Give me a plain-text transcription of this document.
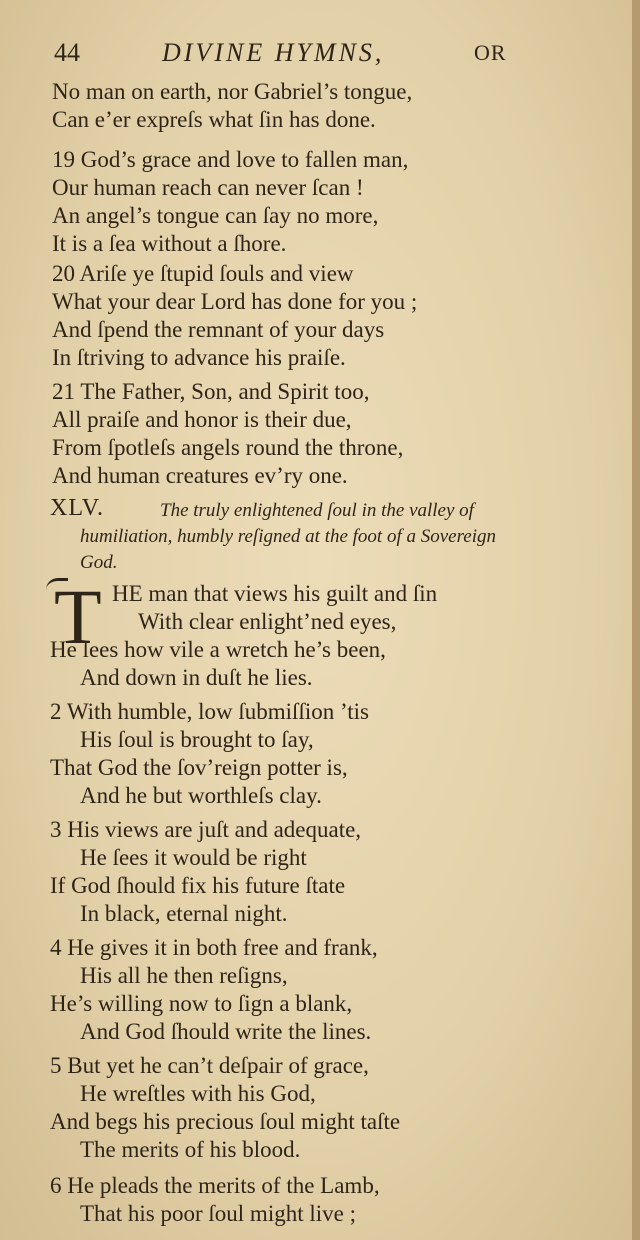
44	DIVINE HYMNS,	OR
No man on earth, nor Gabriel’s tongue,
Can e’er expreſs what ſin has done.
19 God’s grace and love to fallen man,
Our human reach can never ſcan !
An angel’s tongue can ſay no more,
It is a ſea without a ſhore.
20 Ariſe ye ſtupid ſouls and view
What your dear Lord has done for you ;
And ſpend the remnant of your days
In ſtriving to advance his praiſe.
21 The Father, Son, and Spirit too,
All praiſe and honor is their due,
From ſpotleſs angels round the throne,
And human creatures ev’ry one.
XLV.	The truly enlightened ſoul in the valley of
humiliation, humbly reſigned at the foot of a Sovereign
God.
T HE man that views his guilt and ſin
With clear enlight’ned eyes,
He ſees how vile a wretch he’s been,
And down in duſt he lies.
2 With humble, low ſubmiſſion ’tis
His ſoul is brought to ſay,
That God the ſov’reign potter is,
And he but worthleſs clay.
3 His views are juſt and adequate,
He ſees it would be right
If God ſhould fix his future ſtate
In black, eternal night.
4 He gives it in both free and frank,
His all he then reſigns,
He’s willing now to ſign a blank,
And God ſhould write the lines.
5 But yet he can’t deſpair of grace,
He wreſtles with his God,
And begs his precious ſoul might taſte
The merits of his blood.
6 He pleads the merits of the Lamb,
That his poor ſoul might live ;
